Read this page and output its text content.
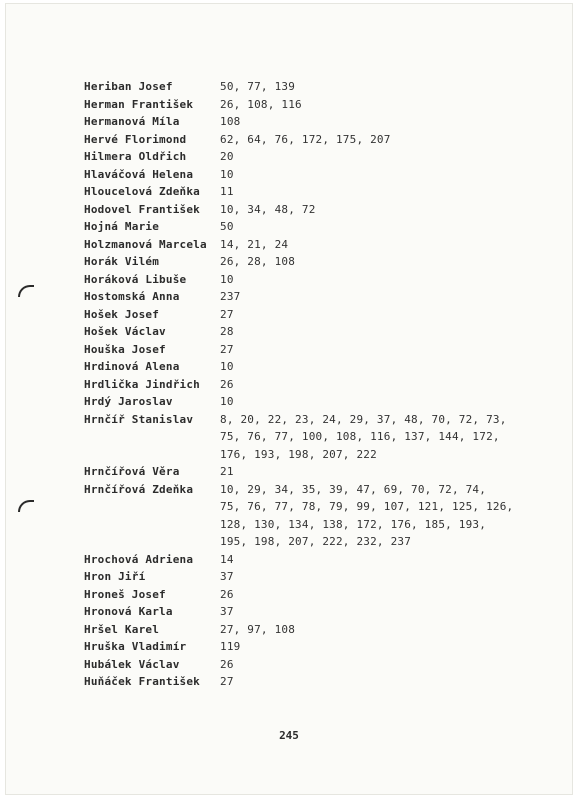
Heriban Josef	50, 77, 139
Herman František	26, 108, 116
Hermanová Míla	108
Hervé Florimond	62, 64, 76, 172, 175, 207
Hilmera Oldřich	20
Hlaváčová Helena	10
Hloucelová Zdeňka	11
Hodovel František	10, 34, 48, 72
Hojná Marie	50
Holzmanová Marcela	14, 21, 24
Horák Vilém	26, 28, 108
Horáková Libuše	10
Hostomská Anna	237
Hošek Josef	27
Hošek Václav	28
Houška Josef	27
Hrdinová Alena	10
Hrdlička Jindřich	26
Hrdý Jaroslav	10
Hrnčíř Stanislav	8, 20, 22, 23, 24, 29, 37, 48, 70, 72, 73,
75, 76, 77, 100, 108, 116, 137, 144, 172,
176, 193, 198, 207, 222
Hrnčířová Věra	21
Hrnčířová Zdeňka	10, 29, 34, 35, 39, 47, 69, 70, 72, 74,
75, 76, 77, 78, 79, 99, 107, 121, 125, 126,
128, 130, 134, 138, 172, 176, 185, 193,
195, 198, 207, 222, 232, 237
Hrochová Adriena	14
Hron Jiří	37
Hroneš Josef	26
Hronová Karla	37
Hršel Karel	27, 97, 108
Hruška Vladimír	119
Hubálek Václav	26
Huňáček František	27
245
